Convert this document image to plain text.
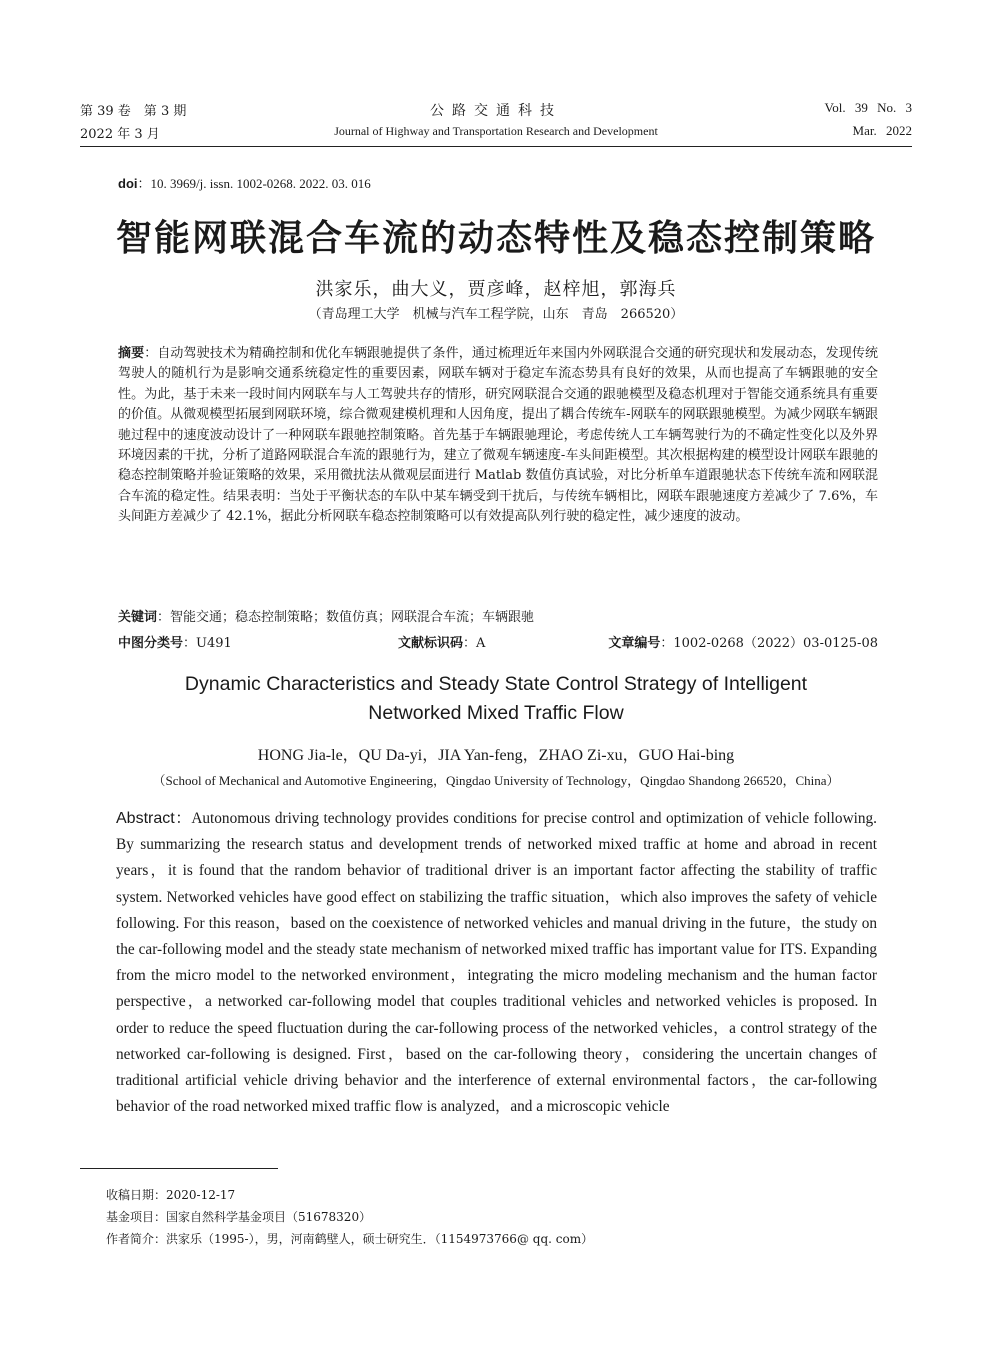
第 39 卷　第 3 期
2022 年 3 月
公路交通科技
Journal of Highway and Transportation Research and Development
Vol. 39 No. 3
Mar. 2022
doi：10. 3969/j. issn. 1002-0268. 2022. 03. 016
智能网联混合车流的动态特性及稳态控制策略
洪家乐，曲大义，贾彦峰，赵梓旭，郭海兵
（青岛理工大学　机械与汽车工程学院，山东　青岛　266520）
摘要：自动驾驶技术为精确控制和优化车辆跟驰提供了条件，通过梳理近年来国内外网联混合交通的研究现状和发展动态，发现传统驾驶人的随机行为是影响交通系统稳定性的重要因素，网联车辆对于稳定车流态势具有良好的效果，从而也提高了车辆跟驰的安全性。为此，基于未来一段时间内网联车与人工驾驶共存的情形，研究网联混合交通的跟驰模型及稳态机理对于智能交通系统具有重要的价值。从微观模型拓展到网联环境，综合微观建模机理和人因角度，提出了耦合传统车-网联车的网联跟驰模型。为减少网联车辆跟驰过程中的速度波动设计了一种网联车跟驰控制策略。首先基于车辆跟驰理论，考虑传统人工车辆驾驶行为的不确定性变化以及外界环境因素的干扰，分析了道路网联混合车流的跟驰行为，建立了微观车辆速度-车头间距模型。其次根据构建的模型设计网联车跟驰的稳态控制策略并验证策略的效果，采用微扰法从微观层面进行 Matlab 数值仿真试验，对比分析单车道跟驰状态下传统车流和网联混合车流的稳定性。结果表明：当处于平衡状态的车队中某车辆受到干扰后，与传统车辆相比，网联车跟驰速度方差减少了 7.6%，车头间距方差减少了 42.1%，据此分析网联车稳态控制策略可以有效提高队列行驶的稳定性，减少速度的波动。
关键词：智能交通；稳态控制策略；数值仿真；网联混合车流；车辆跟驰
中图分类号：U491	文献标识码：A	文章编号：1002-0268（2022）03-0125-08
Dynamic Characteristics and Steady State Control Strategy of Intelligent
Networked Mixed Traffic Flow
HONG Jia-le，QU Da-yi，JIA Yan-feng，ZHAO Zi-xu，GUO Hai-bing
（School of Mechanical and Automotive Engineering，Qingdao University of Technology，Qingdao Shandong 266520，China）
Abstract：Autonomous driving technology provides conditions for precise control and optimization of vehicle following. By summarizing the research status and development trends of networked mixed traffic at home and abroad in recent years，it is found that the random behavior of traditional driver is an important factor affecting the stability of traffic system. Networked vehicles have good effect on stabilizing the traffic situation，which also improves the safety of vehicle following. For this reason，based on the coexistence of networked vehicles and manual driving in the future，the study on the car-following model and the steady state mechanism of networked mixed traffic has important value for ITS. Expanding from the micro model to the networked environment，integrating the micro modeling mechanism and the human factor perspective，a networked car-following model that couples traditional vehicles and networked vehicles is proposed. In order to reduce the speed fluctuation during the car-following process of the networked vehicles，a control strategy of the networked car-following is designed. First，based on the car-following theory，considering the uncertain changes of traditional artificial vehicle driving behavior and the interference of external environmental factors，the car-following behavior of the road networked mixed traffic flow is analyzed，and a microscopic vehicle
收稿日期：2020-12-17
基金项目：国家自然科学基金项目（51678320）
作者简介：洪家乐（1995-），男，河南鹤壁人，硕士研究生．（1154973766@ qq. com）
